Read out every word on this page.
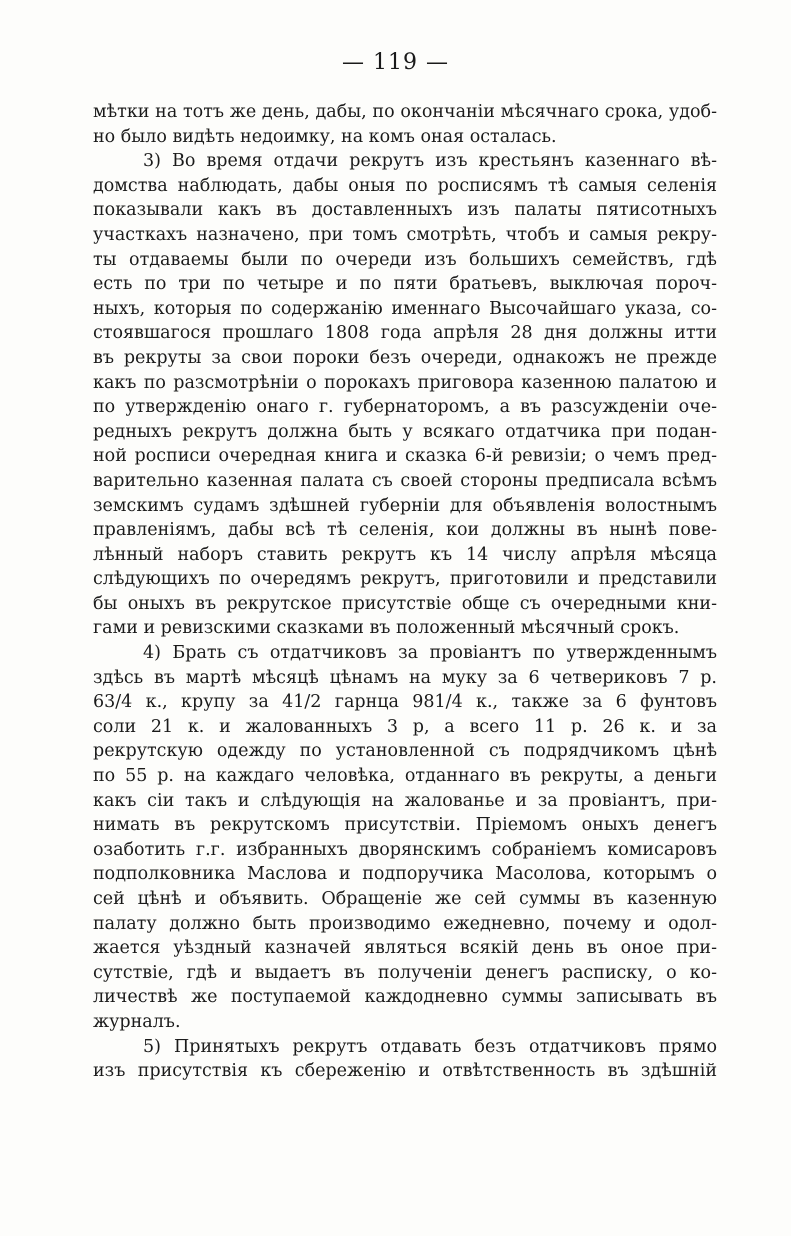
— 119 —
мѣтки на тотъ же день, дабы, по окончаніи мѣсячнаго срока, удоб-
но было видѣть недоимку, на комъ оная осталась.
3) Во время отдачи рекрутъ изъ крестьянъ казеннаго вѣ-
домства наблюдать, дабы оныя по росписямъ тѣ самыя селенія
показывали какъ въ доставленныхъ изъ палаты пятисотныхъ
участкахъ назначено, при томъ смотрѣть, чтобъ и самыя рекру-
ты отдаваемы были по очереди изъ большихъ семействъ, гдѣ
есть по три по четыре и по пяти братьевъ, выключая пороч-
ныхъ, которыя по содержанію именнаго Высочайшаго указа, со-
стоявшагося прошлаго 1808 года апрѣля 28 дня должны итти
въ рекруты за свои пороки безъ очереди, однакожъ не прежде
какъ по разсмотрѣніи о порокахъ приговора казенною палатою и
по утвержденію онаго г. губернаторомъ, а въ разсужденіи оче-
редныхъ рекрутъ должна быть у всякаго отдатчика при подан-
ной росписи очередная книга и сказка 6-й ревизіи; о чемъ пред-
варительно казенная палата съ своей стороны предписала всѣмъ
земскимъ судамъ здѣшней губерніи для объявленія волостнымъ
правленіямъ, дабы всѣ тѣ селенія, кои должны въ нынѣ пове-
лѣнный наборъ ставить рекрутъ къ 14 числу апрѣля мѣсяца
слѣдующихъ по очередямъ рекрутъ, приготовили и представили
бы оныхъ въ рекрутское присутствіе обще съ очередными кни-
гами и ревизскими сказками въ положенный мѣсячный срокъ.
4) Брать съ отдатчиковъ за провіантъ по утвержденнымъ
здѣсь въ мартѣ мѣсяцѣ цѣнамъ на муку за 6 четвериковъ 7 р.
63/4 к., крупу за 41/2 гарнца 981/4 к., также за 6 фунтовъ
соли 21 к. и жалованныхъ 3 р, а всего 11 р. 26 к. и за
рекрутскую одежду по установленной съ подрядчикомъ цѣнѣ
по 55 р. на каждаго человѣка, отданнаго въ рекруты, а деньги
какъ сіи такъ и слѣдующія на жалованье и за провіантъ, при-
нимать въ рекрутскомъ присутствіи. Пріемомъ оныхъ денегъ
озаботить г.г. избранныхъ дворянскимъ собраніемъ комисаровъ
подполковника Маслова и подпоручика Масолова, которымъ о
сей цѣнѣ и объявить. Обращеніе же сей суммы въ казенную
палату должно быть производимо ежедневно, почему и одол-
жается уѣздный казначей являться всякій день въ оное при-
сутствіе, гдѣ и выдаетъ въ полученіи денегъ расписку, о ко-
личествѣ же поступаемой каждодневно суммы записывать въ
журналъ.
5) Принятыхъ рекрутъ отдавать безъ отдатчиковъ прямо
изъ присутствія къ сбереженію и отвѣтственность въ здѣшній
